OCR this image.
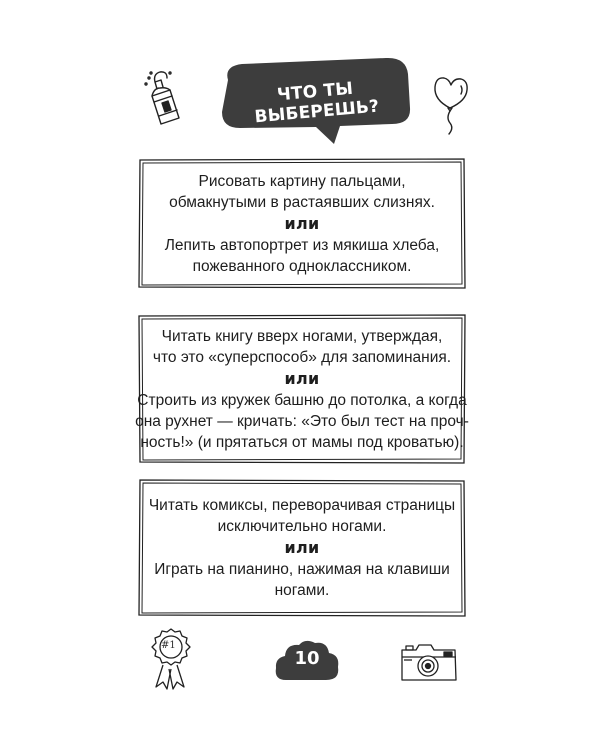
ЧТО ТЫ ВЫБЕРЕШЬ?
Рисовать картину пальцами,
обмакнутыми в растаявших слизнях.
или
Лепить автопортрет из мякиша хлеба,
пожеванного одноклассником.
Читать книгу вверх ногами, утверждая,
что это «суперспособ» для запоминания.
или
Строить из кружек башню до потолка, а когда
она рухнет — кричать: «Это был тест на проч-
ность!» (и прятаться от мамы под кроватью).
Читать комиксы, переворачивая страницы
исключительно ногами.
или
Играть на пианино, нажимая на клавиши
ногами.
#1
10
